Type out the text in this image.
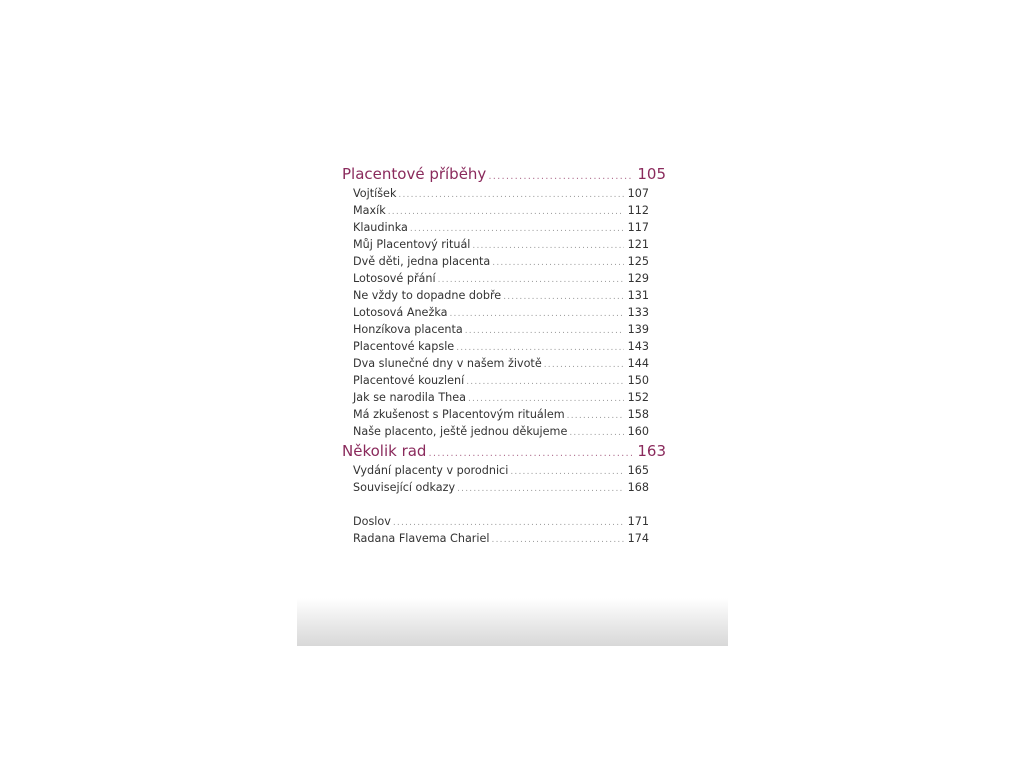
Placentové příběhy .....	105
Vojtíšek .....	107
Maxík .....	112
Klaudinka .....	117
Můj Placentový rituál .....	121
Dvě děti, jedna placenta .....	125
Lotosové přání .....	129
Ne vždy to dopadne dobře .....	131
Lotosová Anežka .....	133
Honzíkova placenta .....	139
Placentové kapsle .....	143
Dva slunečné dny v našem životě .....	144
Placentové kouzlení .....	150
Jak se narodila Thea .....	152
Má zkušenost s Placentovým rituálem .....	158
Naše placento, ještě jednou děkujeme .....	160
Několik rad .....	163
Vydání placenty v porodnici .....	165
Související odkazy .....	168
Doslov .....	171
Radana Flavema Chariel .....	174
